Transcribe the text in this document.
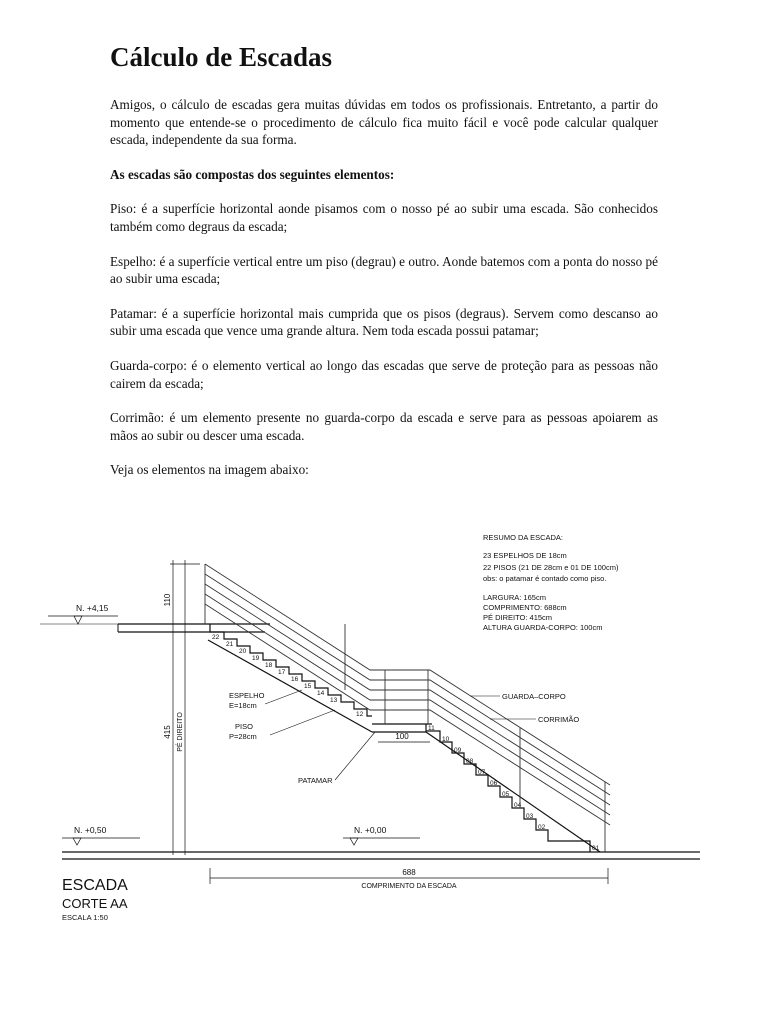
Cálculo de Escadas

Amigos, o cálculo de escadas gera muitas dúvidas em todos os profissionais. Entretanto, a partir do momento que entende-se o procedimento de cálculo fica muito fácil e você pode calcular qualquer escada, independente da sua forma.

As escadas são compostas dos seguintes elementos:

Piso: é a superfície horizontal aonde pisamos com o nosso pé ao subir uma escada. São conhecidos também como degraus da escada;

Espelho: é a superfície vertical entre um piso (degrau) e outro. Aonde batemos com a ponta do nosso pé ao subir uma escada;

Patamar: é a superfície horizontal mais cumprida que os pisos (degraus). Servem como descanso ao subir uma escada que vence uma grande altura. Nem toda escada possui patamar;

Guarda-corpo: é o elemento vertical ao longo das escadas que serve de proteção para as pessoas não cairem da escada;

Corrimão: é um elemento presente no guarda-corpo da escada e serve para as pessoas apoiarem as mãos ao subir ou descer uma escada.

Veja os elementos na imagem abaixo:

RESUMO DA ESCADA:
23 ESPELHOS DE 18cm
22 PISOS (21 DE 28cm e 01 DE 100cm)
obs: o patamar é contado como piso.
LARGURA: 165cm
COMPRIMENTO: 688cm
PÉ DIREITO: 415cm
ALTURA GUARDA-CORPO: 100cm
N. +4,15
110
415 PÉ DIREITO
N. +0,50	N. +0,00
100
22
21
20
19
18
17
16
15
14
13
12
11
10
09
08
07
06
05
04
03
02
01
ESPELHO
E=18cm
PISO
P=28cm
PATAMAR
GUARDA–CORPO
CORRIMÃO
688
COMPRIMENTO DA ESCADA
ESCADA
CORTE AA
ESCALA 1:50
